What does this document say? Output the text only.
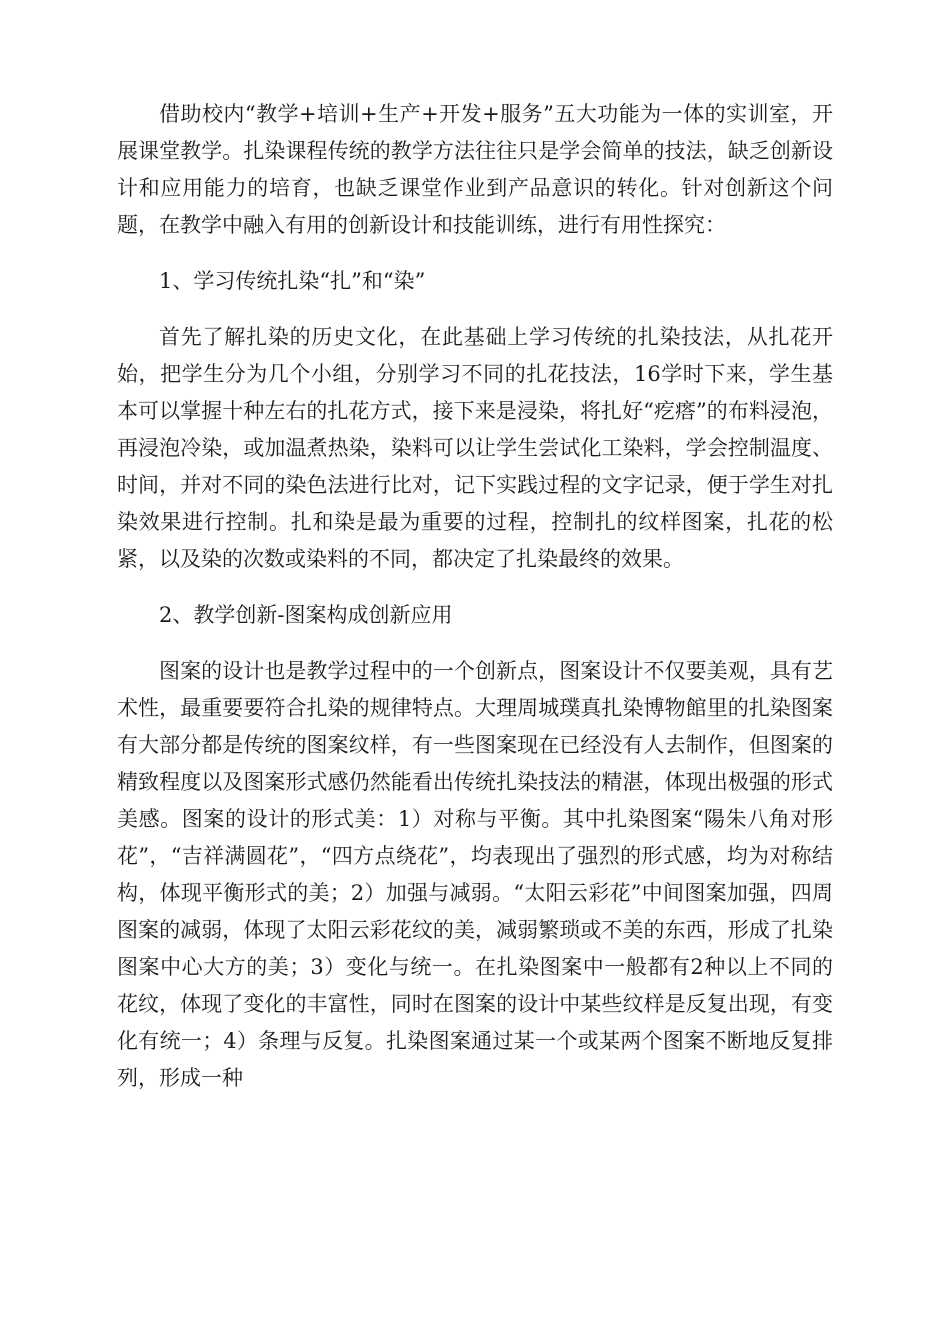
借助校内“教学+培训+生产+开发+服务”五大功能为一体的实训室，开展课堂教学。扎染课程传统的教学方法往往只是学会简单的技法，缺乏创新设计和应用能力的培育，也缺乏课堂作业到产品意识的转化。针对创新这个问题，在教学中融入有用的创新设计和技能训练，进行有用性探究：

1、学习传统扎染“扎”和“染”

首先了解扎染的历史文化，在此基础上学习传统的扎染技法，从扎花开始，把学生分为几个小组，分别学习不同的扎花技法，16学时下来，学生基本可以掌握十种左右的扎花方式，接下来是浸染，将扎好“疙瘩”的布料浸泡，再浸泡冷染，或加温煮热染，染料可以让学生尝试化工染料，学会控制温度、时间，并对不同的染色法进行比对，记下实践过程的文字记录，便于学生对扎染效果进行控制。扎和染是最为重要的过程，控制扎的纹样图案，扎花的松紧，以及染的次数或染料的不同，都决定了扎染最终的效果。

2、教学创新-图案构成创新应用

图案的设计也是教学过程中的一个创新点，图案设计不仅要美观，具有艺术性，最重要要符合扎染的规律特点。大理周城璞真扎染博物館里的扎染图案有大部分都是传统的图案纹样，有一些图案现在已经没有人去制作，但图案的精致程度以及图案形式感仍然能看出传统扎染技法的精湛，体现出极强的形式美感。图案的设计的形式美：1）对称与平衡。其中扎染图案“陽朱八角对形花”，“吉祥满圆花”，“四方点绕花”，均表现出了强烈的形式感，均为对称结构，体现平衡形式的美；2）加强与减弱。“太阳云彩花”中间图案加强，四周图案的减弱，体现了太阳云彩花纹的美，减弱繁琐或不美的东西，形成了扎染图案中心大方的美；3）变化与统一。在扎染图案中一般都有2种以上不同的花纹，体现了变化的丰富性，同时在图案的设计中某些纹样是反复出现，有变化有统一；4）条理与反复。扎染图案通过某一个或某两个图案不断地反复排列，形成一种
